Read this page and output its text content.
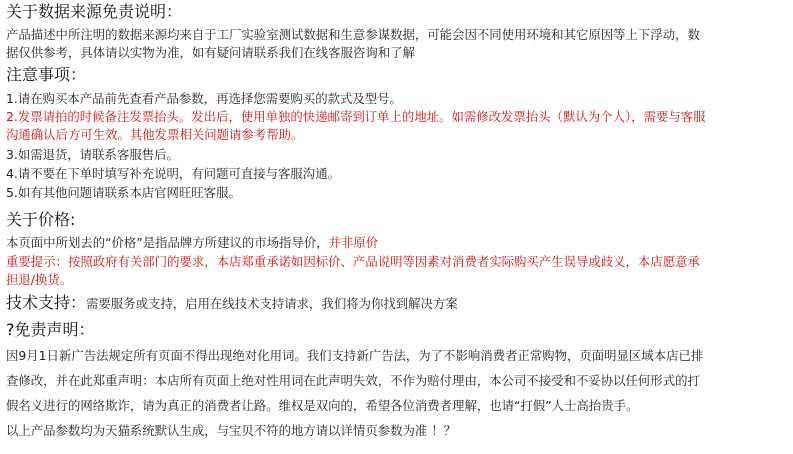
关于数据来源免责说明：
产品描述中所注明的数据来源均来自于工厂实验室测试数据和生意参谋数据，可能会因不同使用环境和其它原因等上下浮动，数
据仅供参考，具体请以实物为准，如有疑问请联系我们在线客服咨询和了解
注意事项：
1.请在购买本产品前先查看产品参数，再选择您需要购买的款式及型号。
2.发票请拍的时候备注发票抬头。发出后，使用单独的快递邮寄到订单上的地址。如需修改发票抬头（默认为个人），需要与客服
沟通确认后方可生效。其他发票相关问题请参考帮助。
3.如需退货，请联系客服售后。
4.请不要在下单时填写补充说明，有问题可直接与客服沟通。
5.如有其他问题请联系本店官网旺旺客服。
关于价格:
本页面中所划去的“价格”是指品牌方所建议的市场指导价，并非原价
重要提示：按照政府有关部门的要求，本店郑重承诺如因标价、产品说明等因素对消费者实际购买产生误导或歧义，本店愿意承
担退/换货。
技术支持：需要服务或支持，启用在线技术支持请求，我们将为你找到解决方案
?免责声明：
因9月1日新广告法规定所有页面不得出现绝对化用词。我们支持新广告法，为了不影响消费者正常购物，页面明显区域本店已排
查修改，并在此郑重声明：本店所有页面上绝对性用词在此声明失效，不作为赔付理由，本公司不接受和不妥协以任何形式的打
假名义进行的网络欺诈，请为真正的消费者让路。维权是双向的，希望各位消费者理解，也请“打假”人士高抬贵手。
以上产品参数均为天猫系统默认生成，与宝贝不符的地方请以详情页参数为准 ！？
